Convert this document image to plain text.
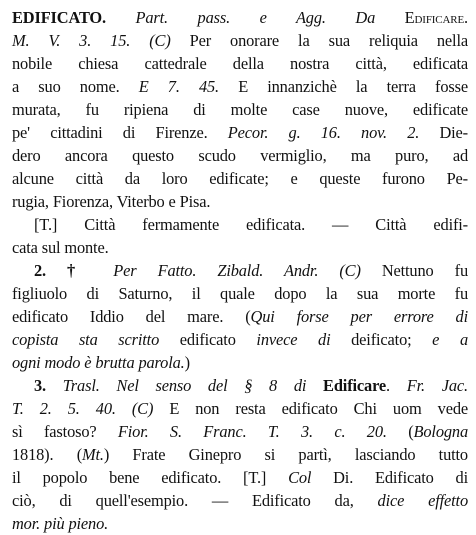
EDIFICATO. Part. pass. e Agg. Da Edificare.
M. V. 3. 15. (C) Per onorare la sua reliquia nella
nobile chiesa cattedrale della nostra città, edificata
a suo nome. E 7. 45. E innanzichè la terra fosse
murata, fu ripiena di molte case nuove, edificate
pe' cittadini di Firenze. Pecor. g. 16. nov. 2. Die-
dero ancora questo scudo vermiglio, ma puro, ad
alcune città da loro edificate; e queste furono Pe-
rugia, Fiorenza, Viterbo e Pisa.
[T.] Città fermamente edificata. — Città edifi-
cata sul monte.
2. † Per Fatto. Zibald. Andr. (C) Nettuno fu
figliuolo di Saturno, il quale dopo la sua morte fu
edificato Iddio del mare. (Qui forse per errore di
copista sta scritto edificato invece di deificato; e a
ogni modo è brutta parola.)
3. Trasl. Nel senso del § 8 di Edificare. Fr. Jac.
T. 2. 5. 40. (C) E non resta edificato Chi uom vede
sì fastoso? Fior. S. Franc. T. 3. c. 20. (Bologna
1818). (Mt.) Frate Ginepro si partì, lasciando tutto
il popolo bene edificato. [T.] Col Di. Edificato di
ciò, di quell'esempio. — Edificato da, dice effetto
mor. più pieno.
